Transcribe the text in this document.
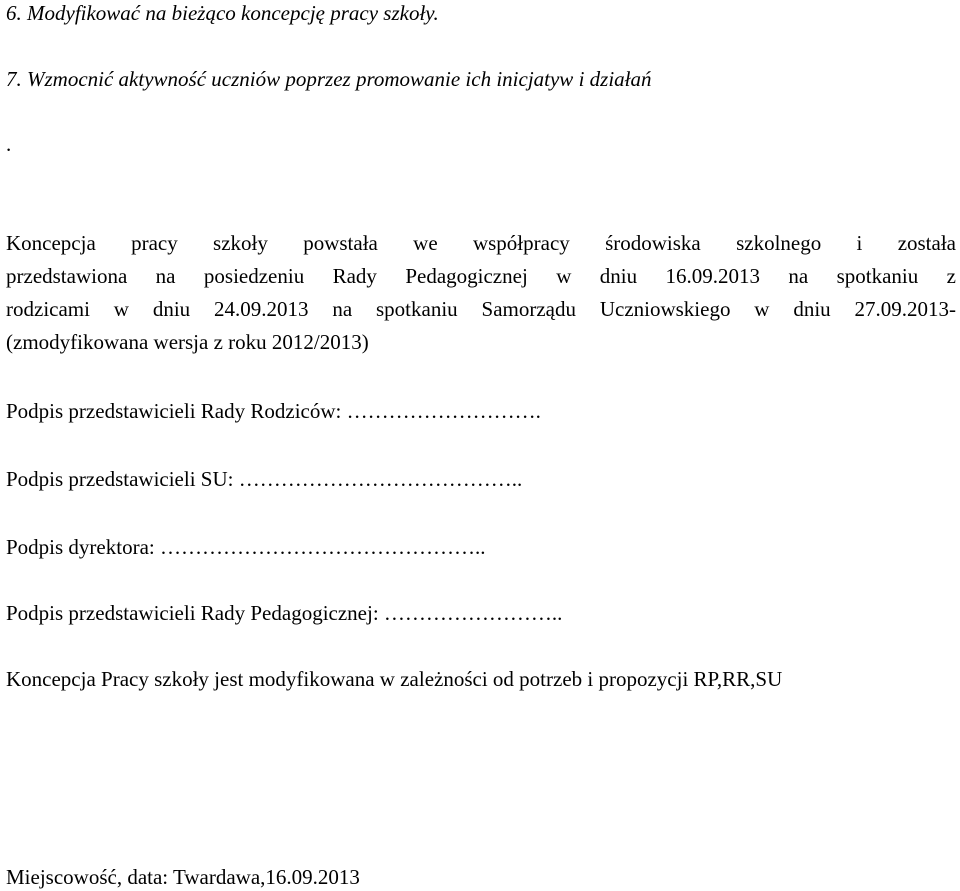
6. Modyfikować na bieżąco koncepcję pracy szkoły.
7. Wzmocnić aktywność uczniów poprzez promowanie ich inicjatyw i działań
.
Koncepcja pracy szkoły powstała we współpracy środowiska szkolnego i została
przedstawiona na posiedzeniu Rady Pedagogicznej w dniu 16.09.2013 na spotkaniu z
rodzicami w dniu 24.09.2013 na spotkaniu Samorządu Uczniowskiego w dniu 27.09.2013-
(zmodyfikowana wersja z roku 2012/2013)
Podpis przedstawicieli Rady Rodziców: ……………………….
Podpis przedstawicieli SU: …………………………………..
Podpis dyrektora: ………………………………………..
Podpis przedstawicieli Rady Pedagogicznej: ……………………..
Koncepcja Pracy szkoły jest modyfikowana w zależności od potrzeb i propozycji RP,RR,SU
Miejscowość, data: Twardawa,16.09.2013
